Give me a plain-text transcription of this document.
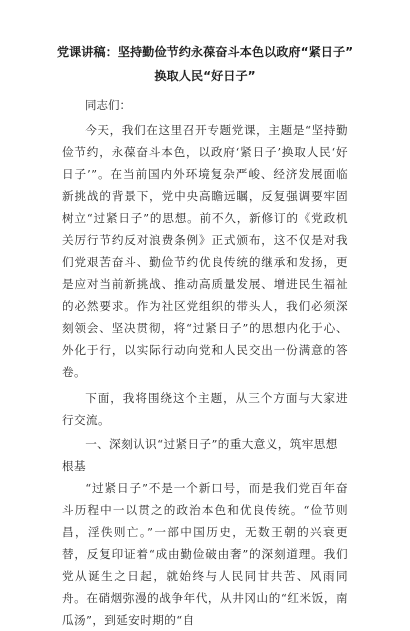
党课讲稿：坚持勤俭节约永葆奋斗本色以政府“紧日子”
换取人民“好日子”
同志们：

今天，我们在这里召开专题党课，主题是“坚持勤俭节约，永葆奋斗本色，以政府‘紧日子’换取人民‘好日子’”。在当前国内外环境复杂严峻、经济发展面临新挑战的背景下，党中央高瞻远瞩，反复强调要牢固树立“过紧日子”的思想。前不久，新修订的《党政机关厉行节约反对浪费条例》正式颁布，这不仅是对我们党艰苦奋斗、勤俭节约优良传统的继承和发扬，更是应对当前新挑战、推动高质量发展、增进民生福祉的必然要求。作为社区党组织的带头人，我们必须深刻领会、坚决贯彻，将“过紧日子”的思想内化于心、外化于行，以实际行动向党和人民交出一份满意的答卷。

下面，我将围绕这个主题，从三个方面与大家进行交流。

一、深刻认识“过紧日子”的重大意义，筑牢思想根基

“过紧日子”不是一个新口号，而是我们党百年奋斗历程中一以贯之的政治本色和优良传统。“俭节则昌，淫佚则亡。”一部中国历史，无数王朝的兴衰更替，反复印证着“成由勤俭破由奢”的深刻道理。我们党从诞生之日起，就始终与人民同甘共苦、风雨同舟。在硝烟弥漫的战争年代，从井冈山的“红米饭，南瓜汤”，到延安时期的“自
